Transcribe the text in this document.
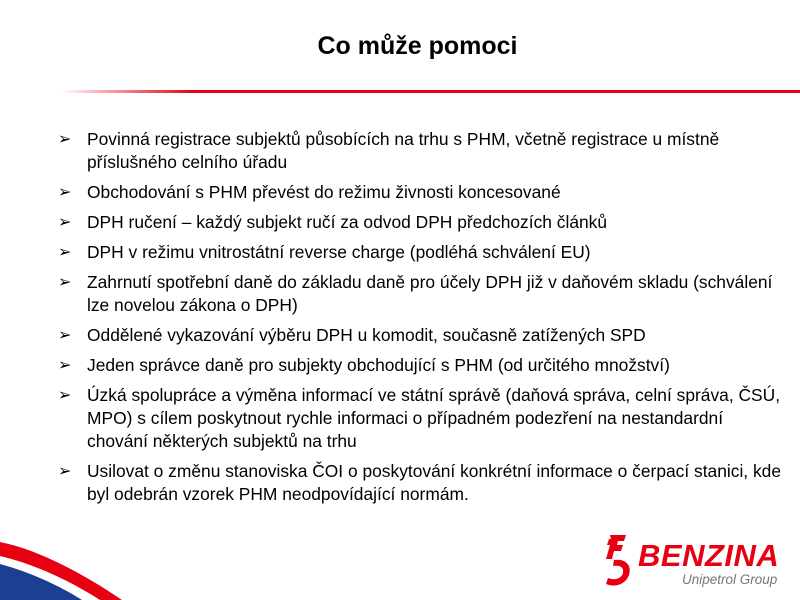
Co může pomoci
➢ Povinná registrace subjektů působících na trhu s PHM, včetně registrace u místně příslušného celního úřadu
➢ Obchodování s PHM převést do režimu živnosti koncesované
➢ DPH ručení – každý subjekt ručí za odvod DPH předchozích článků
➢ DPH v režimu vnitrostátní reverse charge (podléhá schválení EU)
➢ Zahrnutí spotřební daně do základu daně pro účely DPH již v daňovém skladu (schválení lze novelou zákona o DPH)
➢ Oddělené vykazování výběru DPH u komodit, současně zatížených SPD
➢ Jeden správce daně pro subjekty obchodující s PHM (od určitého množství)
➢ Úzká spolupráce a výměna informací ve státní správě (daňová správa, celní správa, ČSÚ, MPO) s cílem poskytnout rychle informaci o případném podezření na nestandardní chování některých subjektů na trhu
➢ Usilovat o změnu stanoviska ČOI o poskytování konkrétní informace o čerpací stanici, kde byl odebrán vzorek PHM neodpovídající normám.
BENZINA
Unipetrol Group
